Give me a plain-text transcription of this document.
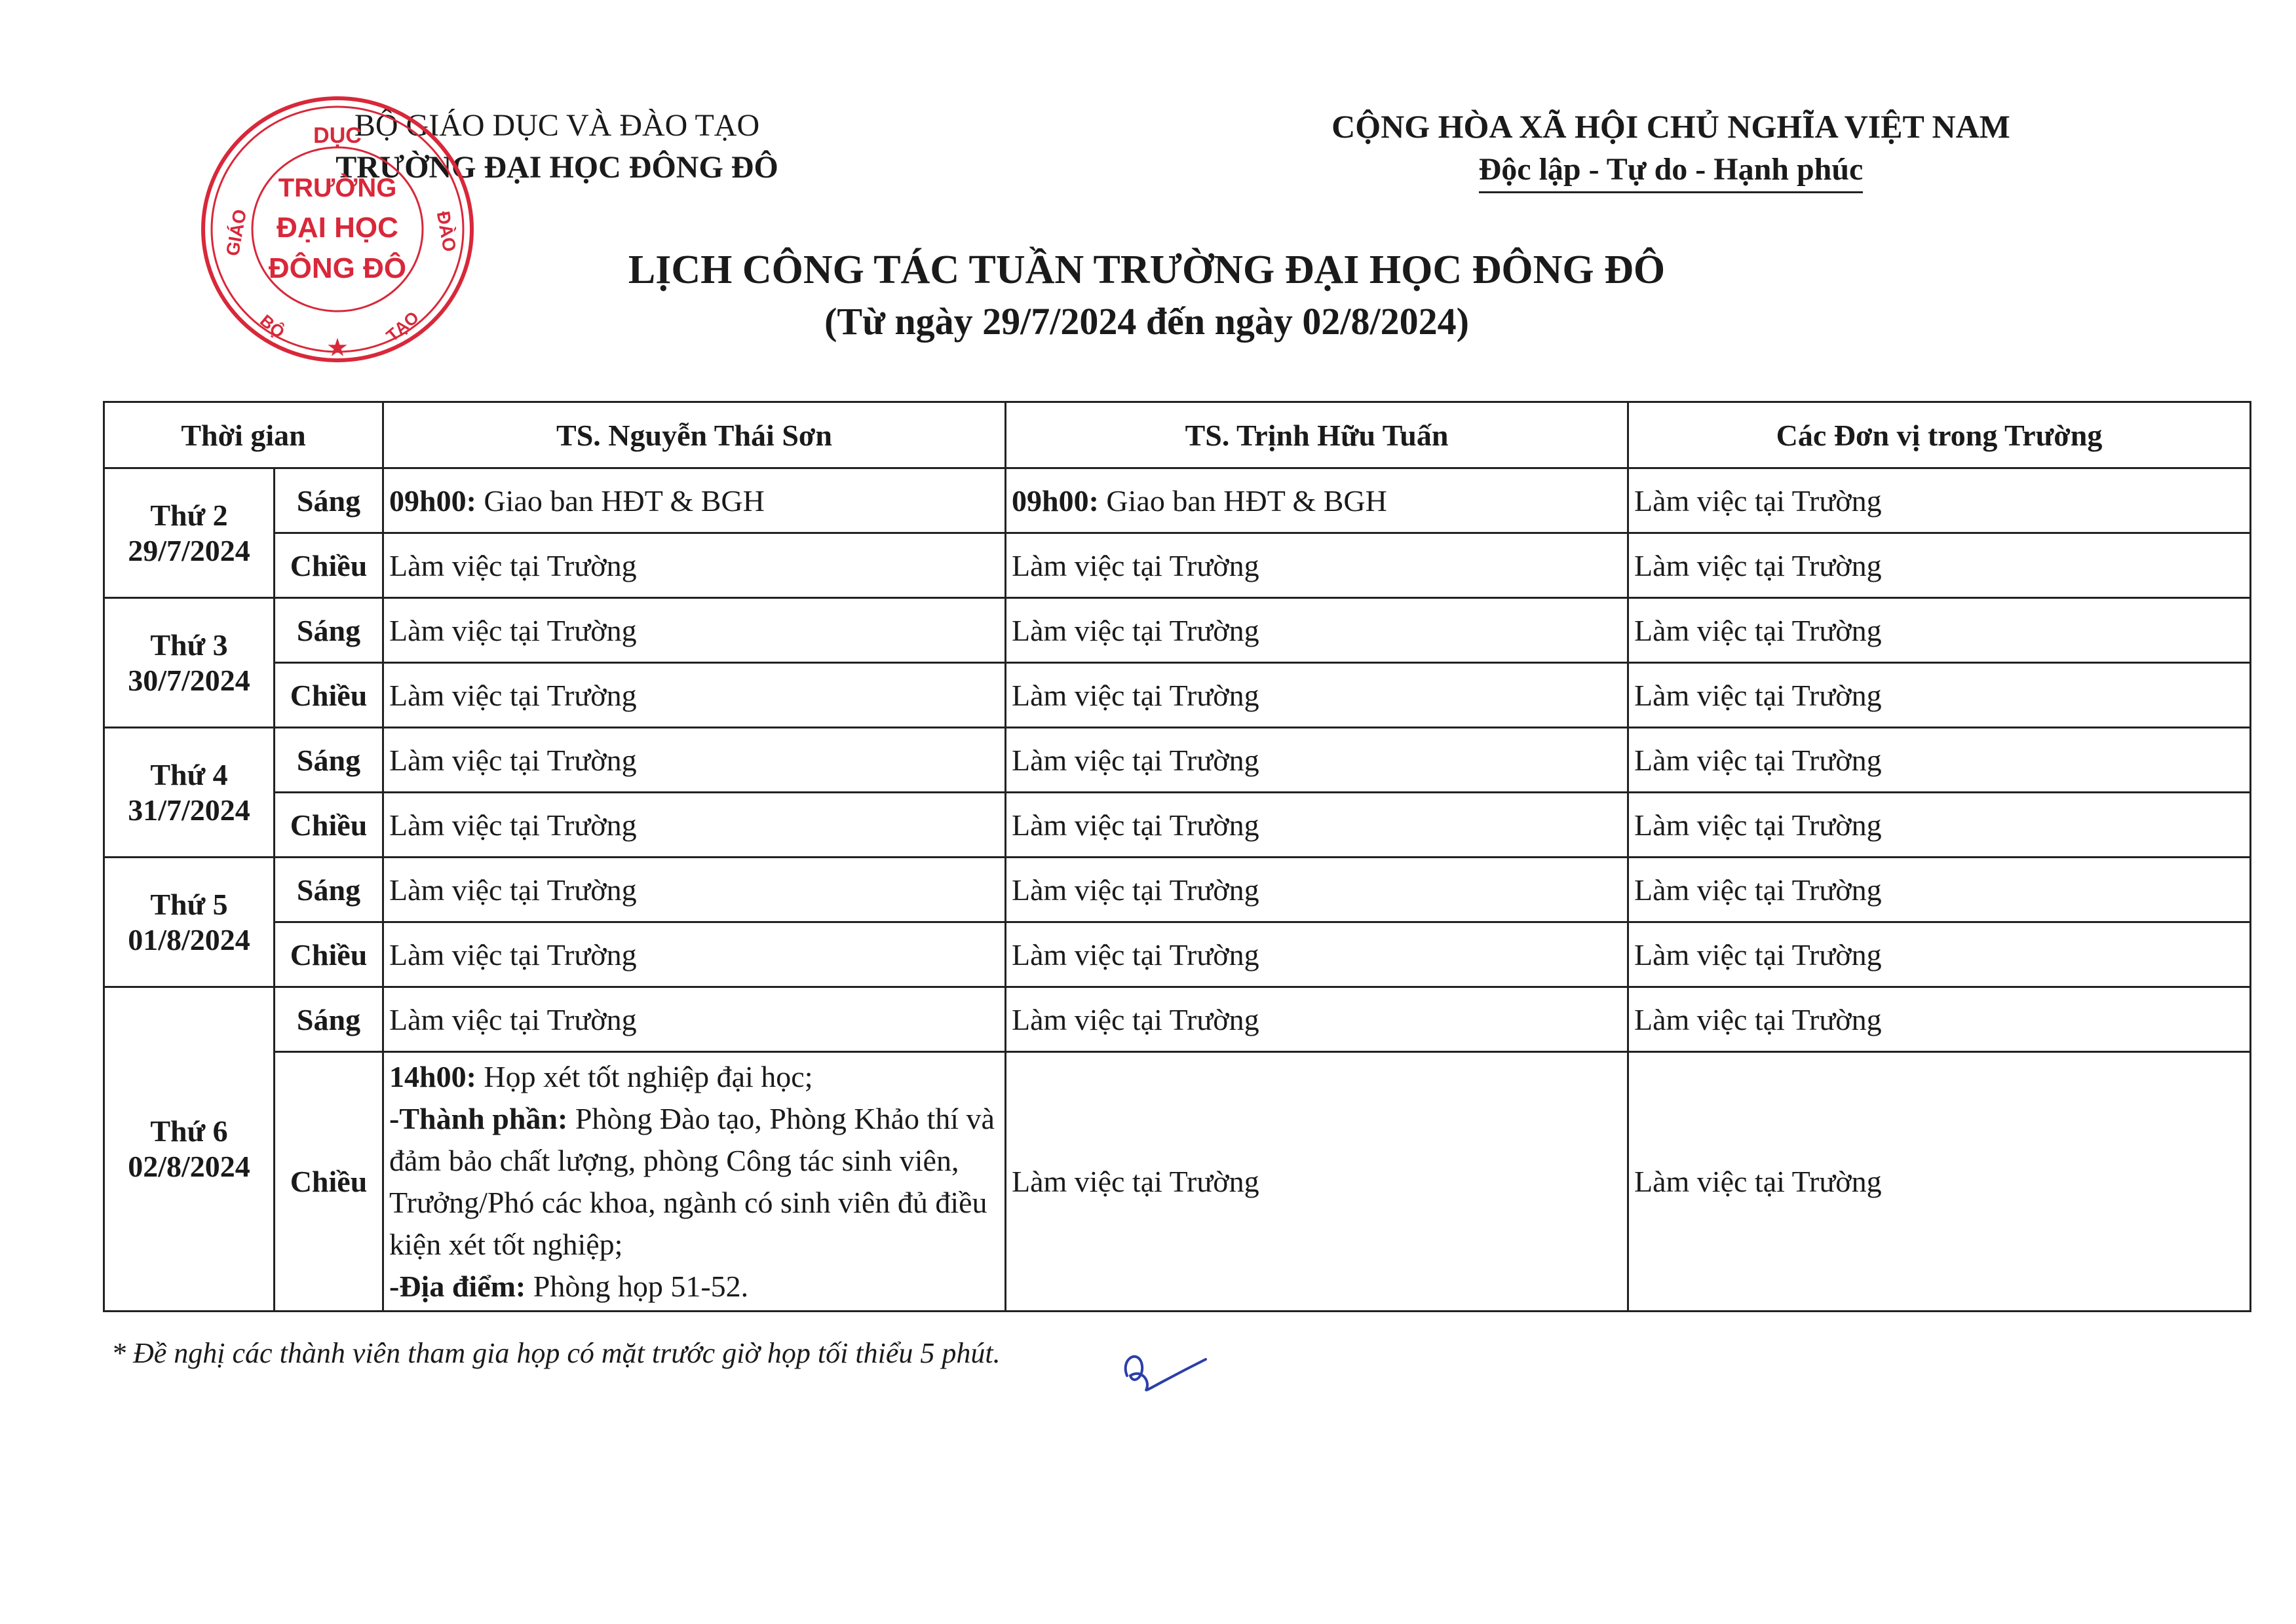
BỘ GIÁO DỤC VÀ ĐÀO TẠO
TRƯỜNG ĐẠI HỌC ĐÔNG ĐÔ
CỘNG HÒA XÃ HỘI CHỦ NGHĨA VIỆT NAM
Độc lập - Tự do - Hạnh phúc
LỊCH CÔNG TÁC TUẦN TRƯỜNG ĐẠI HỌC ĐÔNG ĐÔ
(Từ ngày 29/7/2024 đến ngày 02/8/2024)
DỤC
GIÁO	ĐÀO
BỘ	TẠO
TRƯỜNG
ĐẠI HỌC
ĐÔNG ĐÔ
★
Thời gian		TS. Nguyễn Thái Sơn	TS. Trịnh Hữu Tuấn	Các Đơn vị trong Trường

Thứ 2
29/7/2024	Sáng	09h00: Giao ban HĐT & BGH	09h00: Giao ban HĐT & BGH	Làm việc tại Trường
	Chiều	Làm việc tại Trường	Làm việc tại Trường	Làm việc tại Trường

Thứ 3
30/7/2024	Sáng	Làm việc tại Trường	Làm việc tại Trường	Làm việc tại Trường
	Chiều	Làm việc tại Trường	Làm việc tại Trường	Làm việc tại Trường

Thứ 4
31/7/2024	Sáng	Làm việc tại Trường	Làm việc tại Trường	Làm việc tại Trường
	Chiều	Làm việc tại Trường	Làm việc tại Trường	Làm việc tại Trường

Thứ 5
01/8/2024	Sáng	Làm việc tại Trường	Làm việc tại Trường	Làm việc tại Trường
	Chiều	Làm việc tại Trường	Làm việc tại Trường	Làm việc tại Trường

Thứ 6
02/8/2024	Sáng	Làm việc tại Trường	Làm việc tại Trường	Làm việc tại Trường
	Chiều	14h00: Họp xét tốt nghiệp đại học;
-Thành phần: Phòng Đào tạo, Phòng Khảo thí và đảm bảo chất lượng, phòng Công tác sinh viên, Trưởng/Phó các khoa, ngành có sinh viên đủ điều kiện xét tốt nghiệp;
-Địa điểm: Phòng họp 51-52.	Làm việc tại Trường	Làm việc tại Trường
* Đề nghị các thành viên tham gia họp có mặt trước giờ họp tối thiểu 5 phút.
